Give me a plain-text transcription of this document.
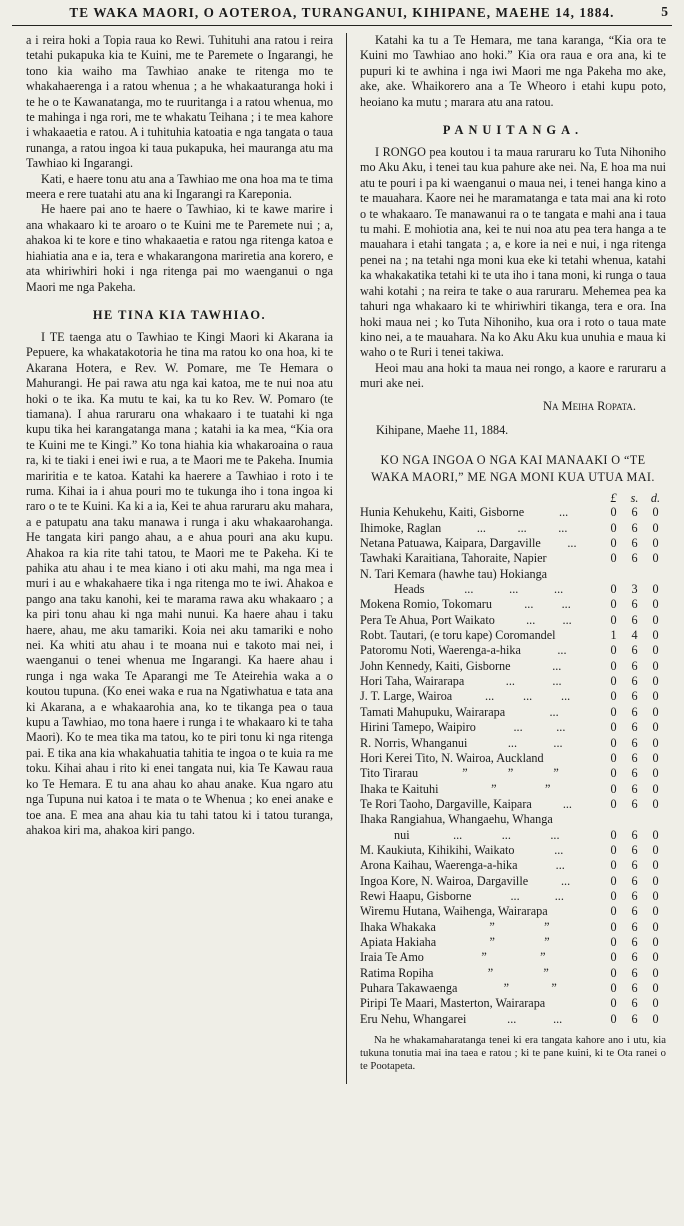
TE WAKA MAORI, O AOTEROA, TURANGANUI, KIHIPANE, MAEHE 14, 1884.	5

a i reira hoki a Topia raua ko Rewi. Tuhituhi ana ratou i reira tetahi pukapuka kia te Kuini, me te Paremete o Ingarangi, he tono kia waiho ma Tawhiao anake te ritenga mo te whakahaerenga i a ratou whenua ; a he whakaaturanga hoki i te he o te Kawanatanga, mo te ruuritanga i a ratou whenua, mo te mahinga i nga rori, me te whakatu Teihana ; i te mea kahore i whakaaetia e ratou. A i tuhituhia katoatia e nga tangata o taua runanga, a ratou ingoa ki taua pukapuka, hei mauranga atu ma Tawhiao ki Ingarangi.

Kati, e haere tonu atu ana a Tawhiao me ona hoa ma te tima meera e rere tuatahi atu ana ki Ingarangi ra Kareponia.

He haere pai ano te haere o Tawhiao, ki te kawe marire i ana whakaaro ki te aroaro o te Kuini me te Paremete nui ; a, ahakoa ki te kore e tino whakaaetia e ratou nga ritenga katoa e hiahiatia ana e ia, tera e whakarangona mariretia ana korero, e ata whiriwhiri hoki i nga ritenga pai mo waenganui o nga Maori me nga Pakeha.

HE TINA KIA TAWHIAO.

I TE taenga atu o Tawhiao te Kingi Maori ki Akarana ia Pepuere, ka whakatakotoria he tina ma ratou ko ona hoa, ki te Akarana Hotera, e Rev. W. Pomare, me Te Hemara o Mahurangi. He pai rawa atu nga kai katoa, me te nui noa atu hoki o te ika. Ka mutu te kai, ka tu ko Rev. W. Pomaro (te tiamana). I ahua raruraru ona whakaaro i te tuatahi ki nga kupu tika hei karangatanga mana ; katahi ia ka mea, “Kia ora te Kuini me te Kingi.” Ko tona hiahia kia whakaroaina o raua ra, ki te tiaki i enei iwi e rua, a te Maori me te Pakeha. Inumia mariritia e te katoa. Katahi ka haerere a Tawhiao i roto i te ruma. Kihai ia i ahua pouri mo te tukunga iho i tona ingoa ki raro o te te Kuini. Ka ki a ia, Kei te ahua raruraru aku mahara, a e patupatu ana taku manawa i runga i aku whakaarohanga. He tangata kiri pango ahau, a e ahua pouri ana aku kupu. Ahakoa ra kia rite tahi tatou, te Maori me te Pakeha. Ki te pahika atu ahau i te mea kiano i oti aku mahi, ma nga mea i muri i au e whakahaere tika i nga ritenga mo te iwi. Ahakoa e pango ana taku kanohi, kei te marama rawa aku whakaaro ; a ka piri tonu ahau ki nga mahi nunui. Ka haere ahau i taku haere, ahau, me aku tamariki. Koia nei aku tamariki e noho nei. Ka whiti atu ahau i te moana nui e takoto mai nei, i waenganui o tenei whenua me Ingarangi. Ka haere ahau i runga i nga waka Te Aparangi me Te Ateirehia waka a o koutou tupuna. (Ko enei waka e rua na Ngatiwhatua e tata ana ki Akarana, a e whakaarohia ana, ko te tikanga pea o taua kupu a Tawhiao, mo tona haere i runga i te whakaaro ki te taha Maori). Ko te mea tika ma tatou, ko te piri tonu ki nga ritenga pai. E tika ana kia whakahuatia tahitia te ingoa o te kuia ra me toku. Kihai ahau i rito ki enei tangata nui, kia Te Kawau raua ko Te Hemara. E tu ana ahau ko ahau anake. Kua ngaro atu nga Tupuna nui katoa i te mata o te Whenua ; ko enei anake e toe ana. E mea ana ahau kia tu tahi tatou ki i tatou turanga, ahakoa kiri ma, ahakoa kiri pango.

Katahi ka tu a Te Hemara, me tana karanga, “Kia ora te Kuini mo Tawhiao ano hoki.” Kia ora raua e ora ana, ki te pupuri ki te awhina i nga iwi Maori me nga Pakeha mo ake, ake, ake. Whaikorero ana a Te Wheoro i etahi kupu poto, heoiano ka mutu ; marara atu ana ratou.

PANUITANGA.

I RONGO pea koutou i ta maua raruraru ko Tuta Nihoniho mo Aku Aku, i tenei tau kua pahure ake nei. Na, E hoa ma nui atu te pouri i pa ki waenganui o maua nei, i tenei hanga kino a te mauahara. Kaore nei he maramatanga e tata mai ana ki roto o te whakaaro. Te manawanui ra o te tangata e mahi ana i taua tu mahi. E mohiotia ana, kei te nui noa atu pea tera hanga a te mauahara i etahi tangata ; a, e kore ia nei e nui, i nga ritenga penei na ; na tetahi nga moni kua eke ki tetahi whenua, katahi ka whakakatika tetahi ki te uta iho i tana moni, ki runga o taua wahi kotahi ; na reira te take o aua raruraru. Mehemea pea ka tahuri nga whakaaro ki te whiriwhiri tikanga, tera e ora. Ina hoki maua nei ; ko Tuta Nihoniho, kua ora i roto o taua mate kino nei, a te mauahara. Na ko Aku Aku kua unuhia e maua ki waho o te Ruri i tenei takiwa.

Heoi mau ana hoki ta maua nei rongo, a kaore e raruraru a muri ake nei.

Na Meiha Ropata.
Kihipane, Maehe 11, 1884.
KO NGA INGOA O NGA KAI MANAAKI O “TE WAKA MAORI,” ME NGA MONI KUA UTUA MAI.
£	s.	d.
Hunia Kehukehu, Kaiti, Gisborne	...	0	6	0
Ihimoke, Raglan	...	...	...	0	6	0
Netana Patuawa, Kaipara, Dargaville ...	0	6	0
Tawhaki Karaitiana, Tahoraite, Napier	0	6	0
N. Tari Kemara (hawhe tau) Hokianga
Heads	...	...	...	0	3	0
Mokena Romio, Tokomaru	... ...	0	6	0
Pera Te Ahua, Port Waikato	... ...	0	6	0
Robt. Tautari, (e toru kape) Coromandel	1	4	0
Patoromu Noti, Waerenga-a-hika	...	0	6	0
John Kennedy, Kaiti, Gisborne	...	0	6	0
Hori Taha, Wairarapa	...	...	0	6	0
J. T. Large, Wairoa	... ... ...	0	6	0
Tamati Mahupuku, Wairarapa	...	0	6	0
Hirini Tamepo, Waipiro	...	...	0	6	0
R. Norris, Whanganui	...	...	0	6	0
Hori Kerei Tito, N. Wairoa, Auckland	0	6	0
Tito Tirarau	”	”	”	0	6	0
Ihaka te Kaituhi	”	”	0	6	0
Te Rori Taoho, Dargaville, Kaipara	...	0	6	0
Ihaka Rangiahua, Whangaehu, Whanga
nui	...	...	...	0	6	0
M. Kaukiuta, Kihikihi, Waikato	...	0	6	0
Arona Kaihau, Waerenga-a-hika	...	0	6	0
Ingoa Kore, N. Wairoa, Dargaville	...	0	6	0
Rewi Haapu, Gisborne	...	...	0	6	0
Wiremu Hutana, Waihenga, Wairarapa	0	6	0
Ihaka Whakaka	”	”	0	6	0
Apiata Hakiaha	”	”	0	6	0
Iraia Te Amo	”	”	0	6	0
Ratima Ropiha	”	”	0	6	0
Puhara Takawaenga	”	”	0	6	0
Piripi Te Maari, Masterton, Wairarapa	0	6	0
Eru Nehu, Whangarei	...	...	0	6	0

Na he whakamaharatanga tenei ki era tangata kahore ano i utu, kia tukuna tonutia mai ina taea e ratou ; ki te pane kuini, ki te Ota ranei o te Pootapeta.
